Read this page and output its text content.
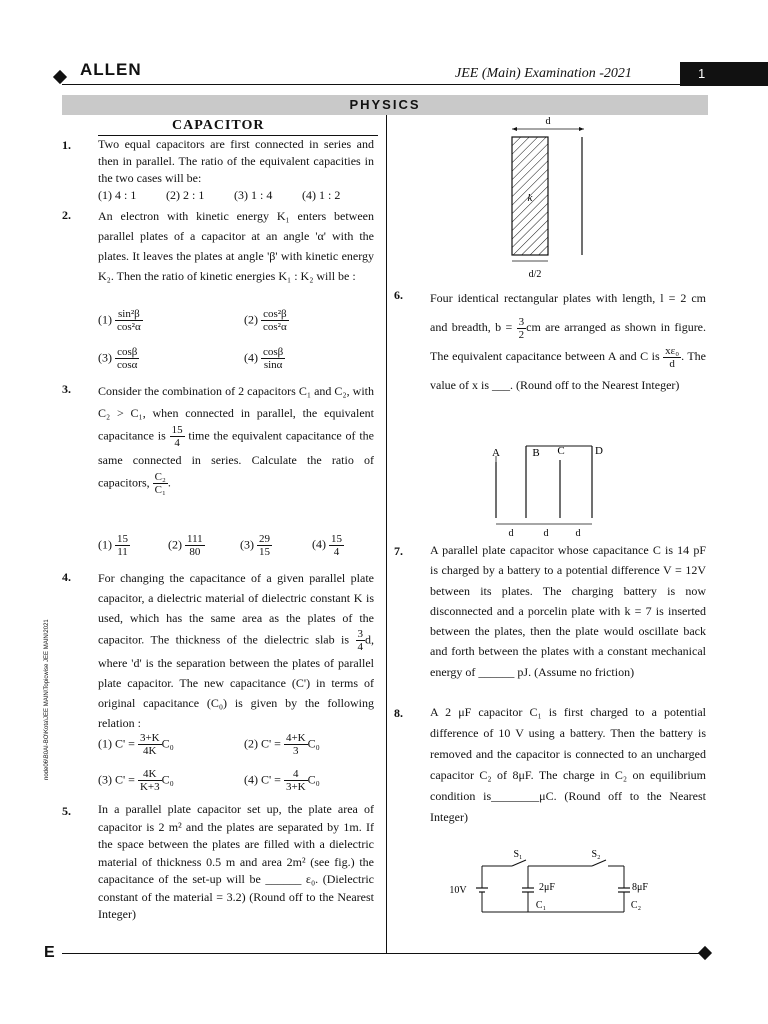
ALLEN	JEE (Main) Examination -2021	1
PHYSICS
CAPACITOR
1. Two equal capacitors are first connected in series and then in parallel. The ratio of the equivalent capacities in the two cases will be:
(1) 4 : 1 (2) 2 : 1 (3) 1 : 4 (4) 1 : 2
2. An electron with kinetic energy K₁ enters between parallel plates of a capacitor at an angle 'α' with the plates. It leaves the plates at angle 'β' with kinetic energy K₂. Then the ratio of kinetic energies K₁ : K₂ will be :
$(1) \frac{\text{sin²β}}{\text{cos²α}}$	$(2) \frac{\text{cos²β}}{\text{cos²α}}$
$(3) \frac{\cos\beta}{\cos\alpha}$	$(4) \frac{\cos\beta}{\sin\alpha}$
3. Consider the combination of 2 capacitors C₁ and C₂, with C₂ > C₁, when connected in parallel, the equivalent capacitance is $\frac{15}{4}$ time the equivalent capacitance of the same connected in series. Calculate the ratio of capacitors, $\frac{\text{C₂}}{\text{C₁}}$ .
$(1) \frac{15}{11}$	$(2) \frac{111}{80}$	$(3) \frac{29}{15}$	$(4) \frac{15}{4}$
4. For changing the capacitance of a given parallel plate capacitor, a dielectric material of dielectric constant K is used, which has the same area as the plates of the capacitor. The thickness of the dielectric slab is $\frac{3}{4} d$, where 'd' is the separation between the plates of parallel plate capacitor. The new capacitance (C') in terms of original capacitance (C₀) is given by the following relation :
(1) $C' = \frac{3+K}{4K} C_0$	(2) $C' = \frac{4+K}{3} C_0$
(3) $C' = \frac{4K}{K+3} C_0$	(4) $C' = \frac{4}{3+K} C_0$
5. In a parallel plate capacitor set up, the plate area of capacitor is 2 m² and the plates are separated by 1m. If the space between the plates are filled with a dielectric material of thickness 0.5 m and area 2m² (see fig.) the capacitance of the set-up will be ______ ε₀. (Dielectric constant of the material = 3.2) (Round off to the Nearest Integer)
node06\B0AI-BO\Kota\JEE MAIN\Topicwise JEE MAIN\2021
E
d
k
d/2
6. Four identical rectangular plates with length, l = 2 cm and breadth, $b = \frac{3}{2}$ cm are arranged as shown in figure. The equivalent capacitance between A and C is $\frac{\text{xε₀}}{d}$ . The value of x is ___. (Round off to the Nearest Integer)
A	B C	D
d	d	d
7. A parallel plate capacitor whose capacitance C is 14 pF is charged by a battery to a potential difference V = 12V between its plates. The charging battery is now disconnected and a porcelin plate with k = 7 is inserted between the plates, then the plate would oscillate back and forth between the plates with a constant mechanical energy of ______ pJ. (Assume no friction)
8. A 2 μF capacitor C₁ is first charged to a potential difference of 10 V using a battery. Then the battery is removed and the capacitor is connected to an uncharged capacitor C₂ of 8μF. The charge in C₂ on equilibrium condition is________μC. (Round off to the Nearest Integer)
S₁	S₂
10V	2μF
C₁
8μF
C₂
